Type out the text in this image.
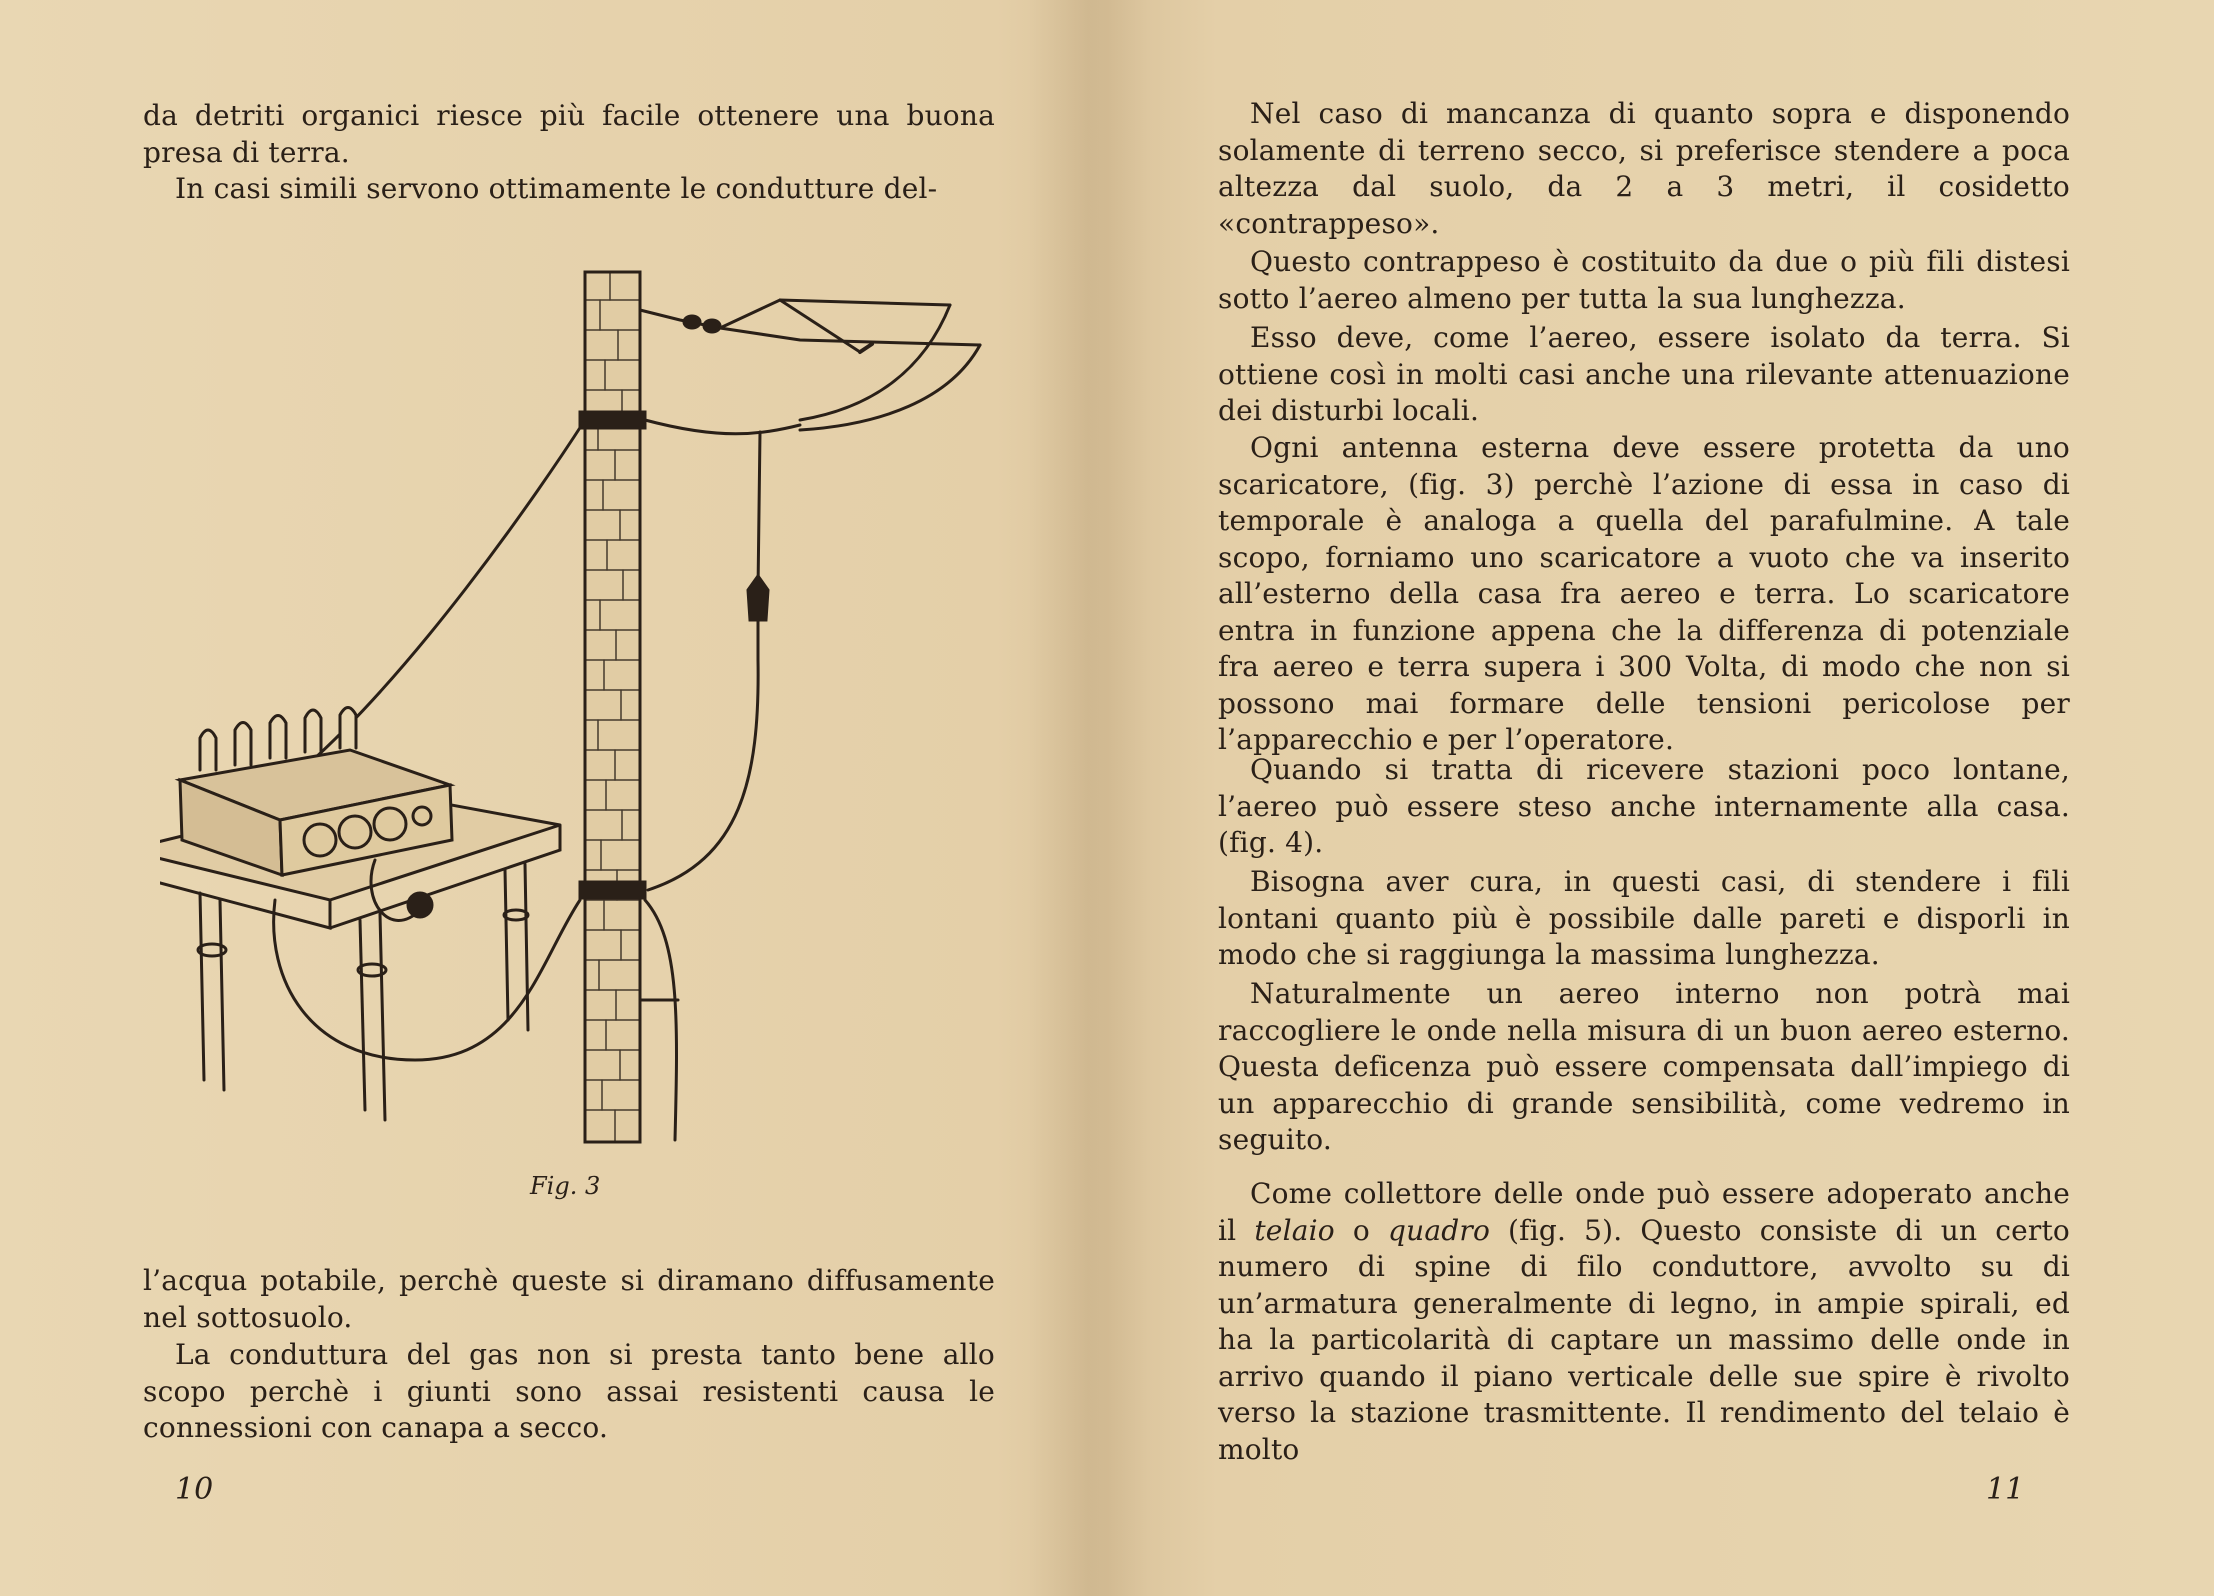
da detriti organici riesce più facile ottenere una buona presa di terra.

In casi simili servono ottimamente le condutture del-

Fig. 3

l’acqua potabile, perchè queste si diramano diffusamente nel sottosuolo.

La conduttura del gas non si presta tanto bene allo scopo perchè i giunti sono assai resistenti causa le connessioni con canapa a secco.

10

Nel caso di mancanza di quanto sopra e disponendo solamente di terreno secco, si preferisce stendere a poca altezza dal suolo, da 2 a 3 metri, il cosidetto «contrappeso».

Questo contrappeso è costituito da due o più fili distesi sotto l’aereo almeno per tutta la sua lunghezza.

Esso deve, come l’aereo, essere isolato da terra. Si ottiene così in molti casi anche una rilevante attenuazione dei disturbi locali.

Ogni antenna esterna deve essere protetta da uno scaricatore, (fig. 3) perchè l’azione di essa in caso di temporale è analoga a quella del parafulmine. A tale scopo, forniamo uno scaricatore a vuoto che va inserito all’esterno della casa fra aereo e terra. Lo scaricatore entra in funzione appena che la differenza di potenziale fra aereo e terra supera i 300 Volta, di modo che non si possono mai formare delle tensioni pericolose per l’apparecchio e per l’operatore.

Quando si tratta di ricevere stazioni poco lontane, l’aereo può essere steso anche internamente alla casa. (fig. 4).

Bisogna aver cura, in questi casi, di stendere i fili lontani quanto più è possibile dalle pareti e disporli in modo che si raggiunga la massima lunghezza.

Naturalmente un aereo interno non potrà mai raccogliere le onde nella misura di un buon aereo esterno. Questa deficenza può essere compensata dall’impiego di un apparecchio di grande sensibilità, come vedremo in seguito.

Come collettore delle onde può essere adoperato anche il telaio o quadro (fig. 5). Questo consiste di un certo numero di spine di filo conduttore, avvolto su di un’armatura generalmente di legno, in ampie spirali, ed ha la particolarità di captare un massimo delle onde in arrivo quando il piano verticale delle sue spire è rivolto verso la stazione trasmittente. Il rendimento del telaio è molto

11
